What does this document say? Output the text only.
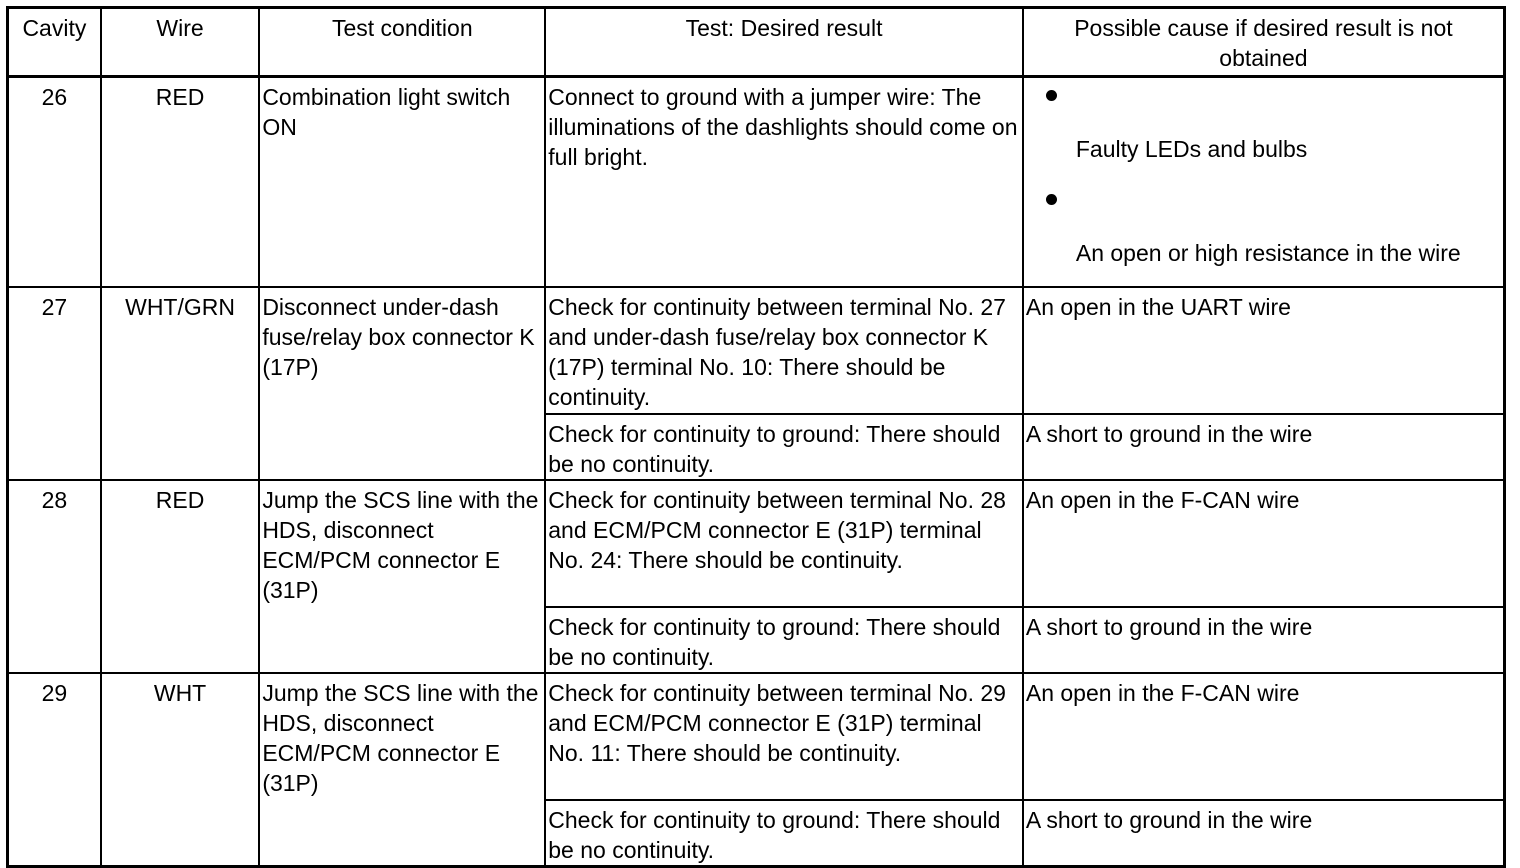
Cavity	Wire	Test condition	Test: Desired result	Possible cause if desired result is not obtained
26	RED	Combination light switch ON	Connect to ground with a jumper wire: The illuminations of the dashlights should come on full bright.	Faulty LEDs and bulbs
An open or high resistance in the wire

27	WHT/GRN	Disconnect under-dash fuse/relay box connector K (17P)	Check for continuity between terminal No. 27 and under-dash fuse/relay box connector K (17P) terminal No. 10: There should be continuity.	An open in the UART wire
			Check for continuity to ground: There should be no continuity.	A short to ground in the wire
28	RED	Jump the SCS line with the HDS, disconnect ECM/PCM connector E (31P)	Check for continuity between terminal No. 28 and ECM/PCM connector E (31P) terminal No. 24: There should be continuity.	An open in the F-CAN wire
			Check for continuity to ground: There should be no continuity.	A short to ground in the wire
29	WHT	Jump the SCS line with the HDS, disconnect ECM/PCM connector E (31P)	Check for continuity between terminal No. 29 and ECM/PCM connector E (31P) terminal No. 11: There should be continuity.	An open in the F-CAN wire
			Check for continuity to ground: There should be no continuity.	A short to ground in the wire
